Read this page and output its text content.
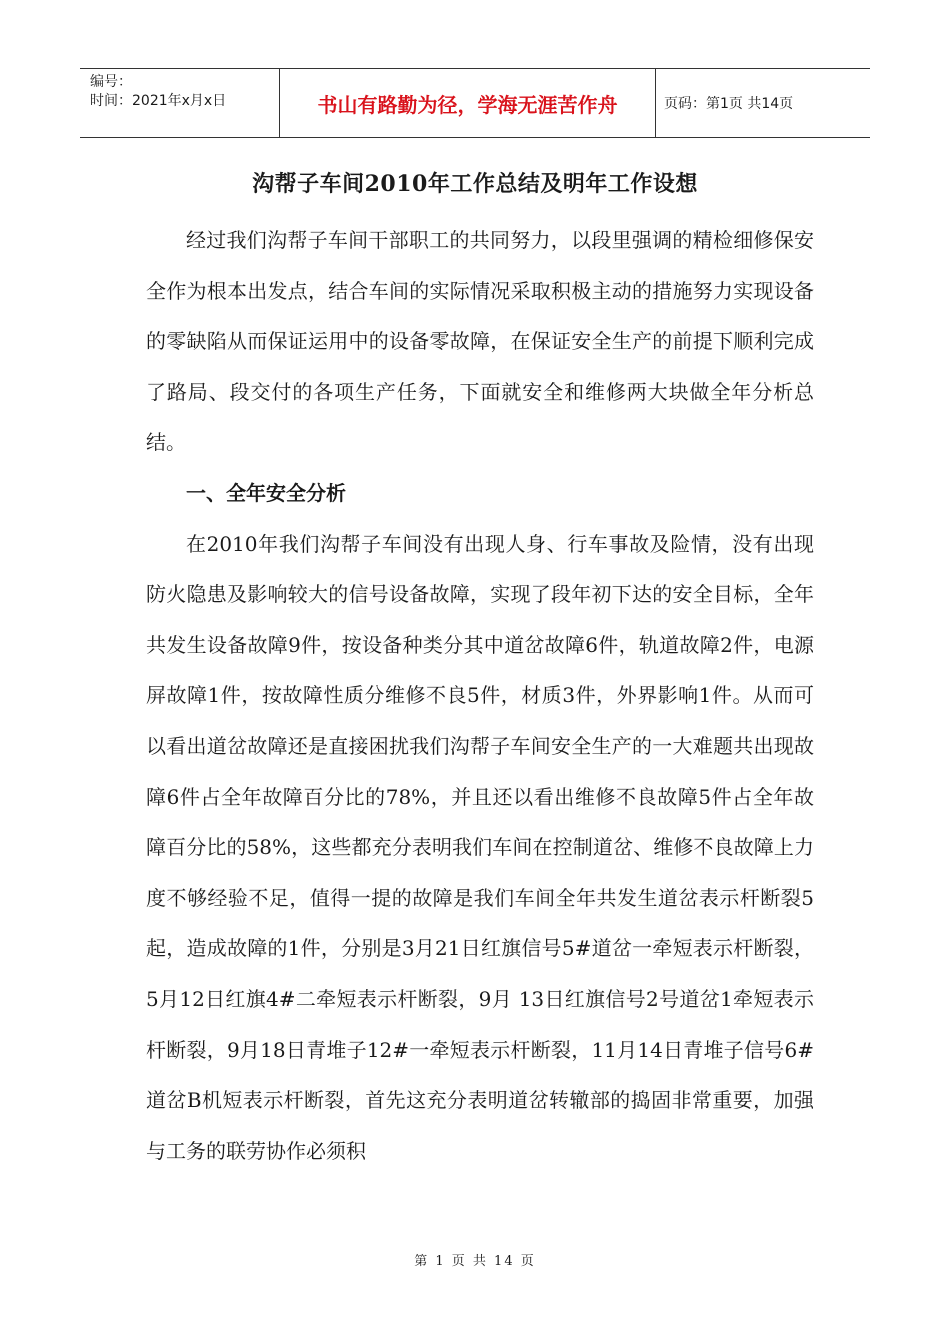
编号：
时间：2021年x月x日	书山有路勤为径，学海无涯苦作舟	页码：第1页 共14页
沟帮子车间2010年工作总结及明年工作设想

经过我们沟帮子车间干部职工的共同努力，以段里强调的精检细修保安全作为根本出发点，结合车间的实际情况采取积极主动的措施努力实现设备的零缺陷从而保证运用中的设备零故障，在保证安全生产的前提下顺利完成了路局、段交付的各项生产任务，下面就安全和维修两大块做全年分析总结。

一、全年安全分析

在2010年我们沟帮子车间没有出现人身、行车事故及险情，没有出现防火隐患及影响较大的信号设备故障，实现了段年初下达的安全目标，全年共发生设备故障9件，按设备种类分其中道岔故障6件，轨道故障2件，电源屏故障1件，按故障性质分维修不良5件，材质3件，外界影响1件。从而可以看出道岔故障还是直接困扰我们沟帮子车间安全生产的一大难题共出现故障6件占全年故障百分比的78%，并且还以看出维修不良故障5件占全年故障百分比的58%，这些都充分表明我们车间在控制道岔、维修不良故障上力度不够经验不足，值得一提的故障是我们车间全年共发生道岔表示杆断裂5起，造成故障的1件，分别是3月21日红旗信号5#道岔一牵短表示杆断裂，5月12日红旗4#二牵短表示杆断裂，9月 13日红旗信号2号道岔1牵短表示杆断裂，9月18日青堆子12#一牵短表示杆断裂，11月14日青堆子信号6#道岔B机短表示杆断裂，首先这充分表明道岔转辙部的捣固非常重要，加强与工务的联劳协作必须积

第 1 页 共 14 页
